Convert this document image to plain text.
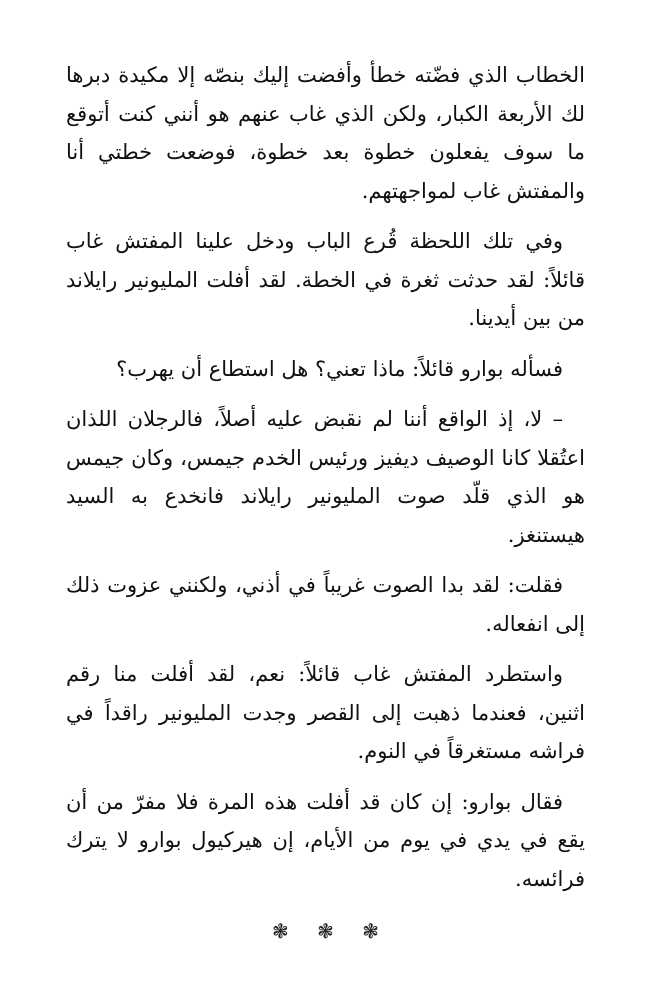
الخطاب الذي فضّته خطأ وأفضت إليك بنصّه إلا مكيدة دبرها لك الأربعة الكبار، ولكن الذي غاب عنهم هو أنني كنت أتوقع ما سوف يفعلون خطوة بعد خطوة، فوضعت خطتي أنا والمفتش غاب لمواجهتهم.

وفي تلك اللحظة قُرع الباب ودخل علينا المفتش غاب قائلاً: لقد حدثت ثغرة في الخطة. لقد أفلت المليونير رايلاند من بين أيدينا.

فسأله بوارو قائلاً: ماذا تعني؟ هل استطاع أن يهرب؟

– لا، إذ الواقع أننا لم نقبض عليه أصلاً، فالرجلان اللذان اعتُقلا كانا الوصيف ديفيز ورئيس الخدم جيمس، وكان جيمس هو الذي قلّد صوت المليونير رايلاند فانخدع به السيد هيستنغز.

فقلت: لقد بدا الصوت غريباً في أذني، ولكنني عزوت ذلك إلى انفعاله.

واستطرد المفتش غاب قائلاً: نعم، لقد أفلت منا رقم اثنين، فعندما ذهبت إلى القصر وجدت المليونير راقداً في فراشه مستغرقاً في النوم.

فقال بوارو: إن كان قد أفلت هذه المرة فلا مفرّ من أن يقع في يدي في يوم من الأيام، إن هيركيول بوارو لا يترك فرائسه.

❃ ❃ ❃
